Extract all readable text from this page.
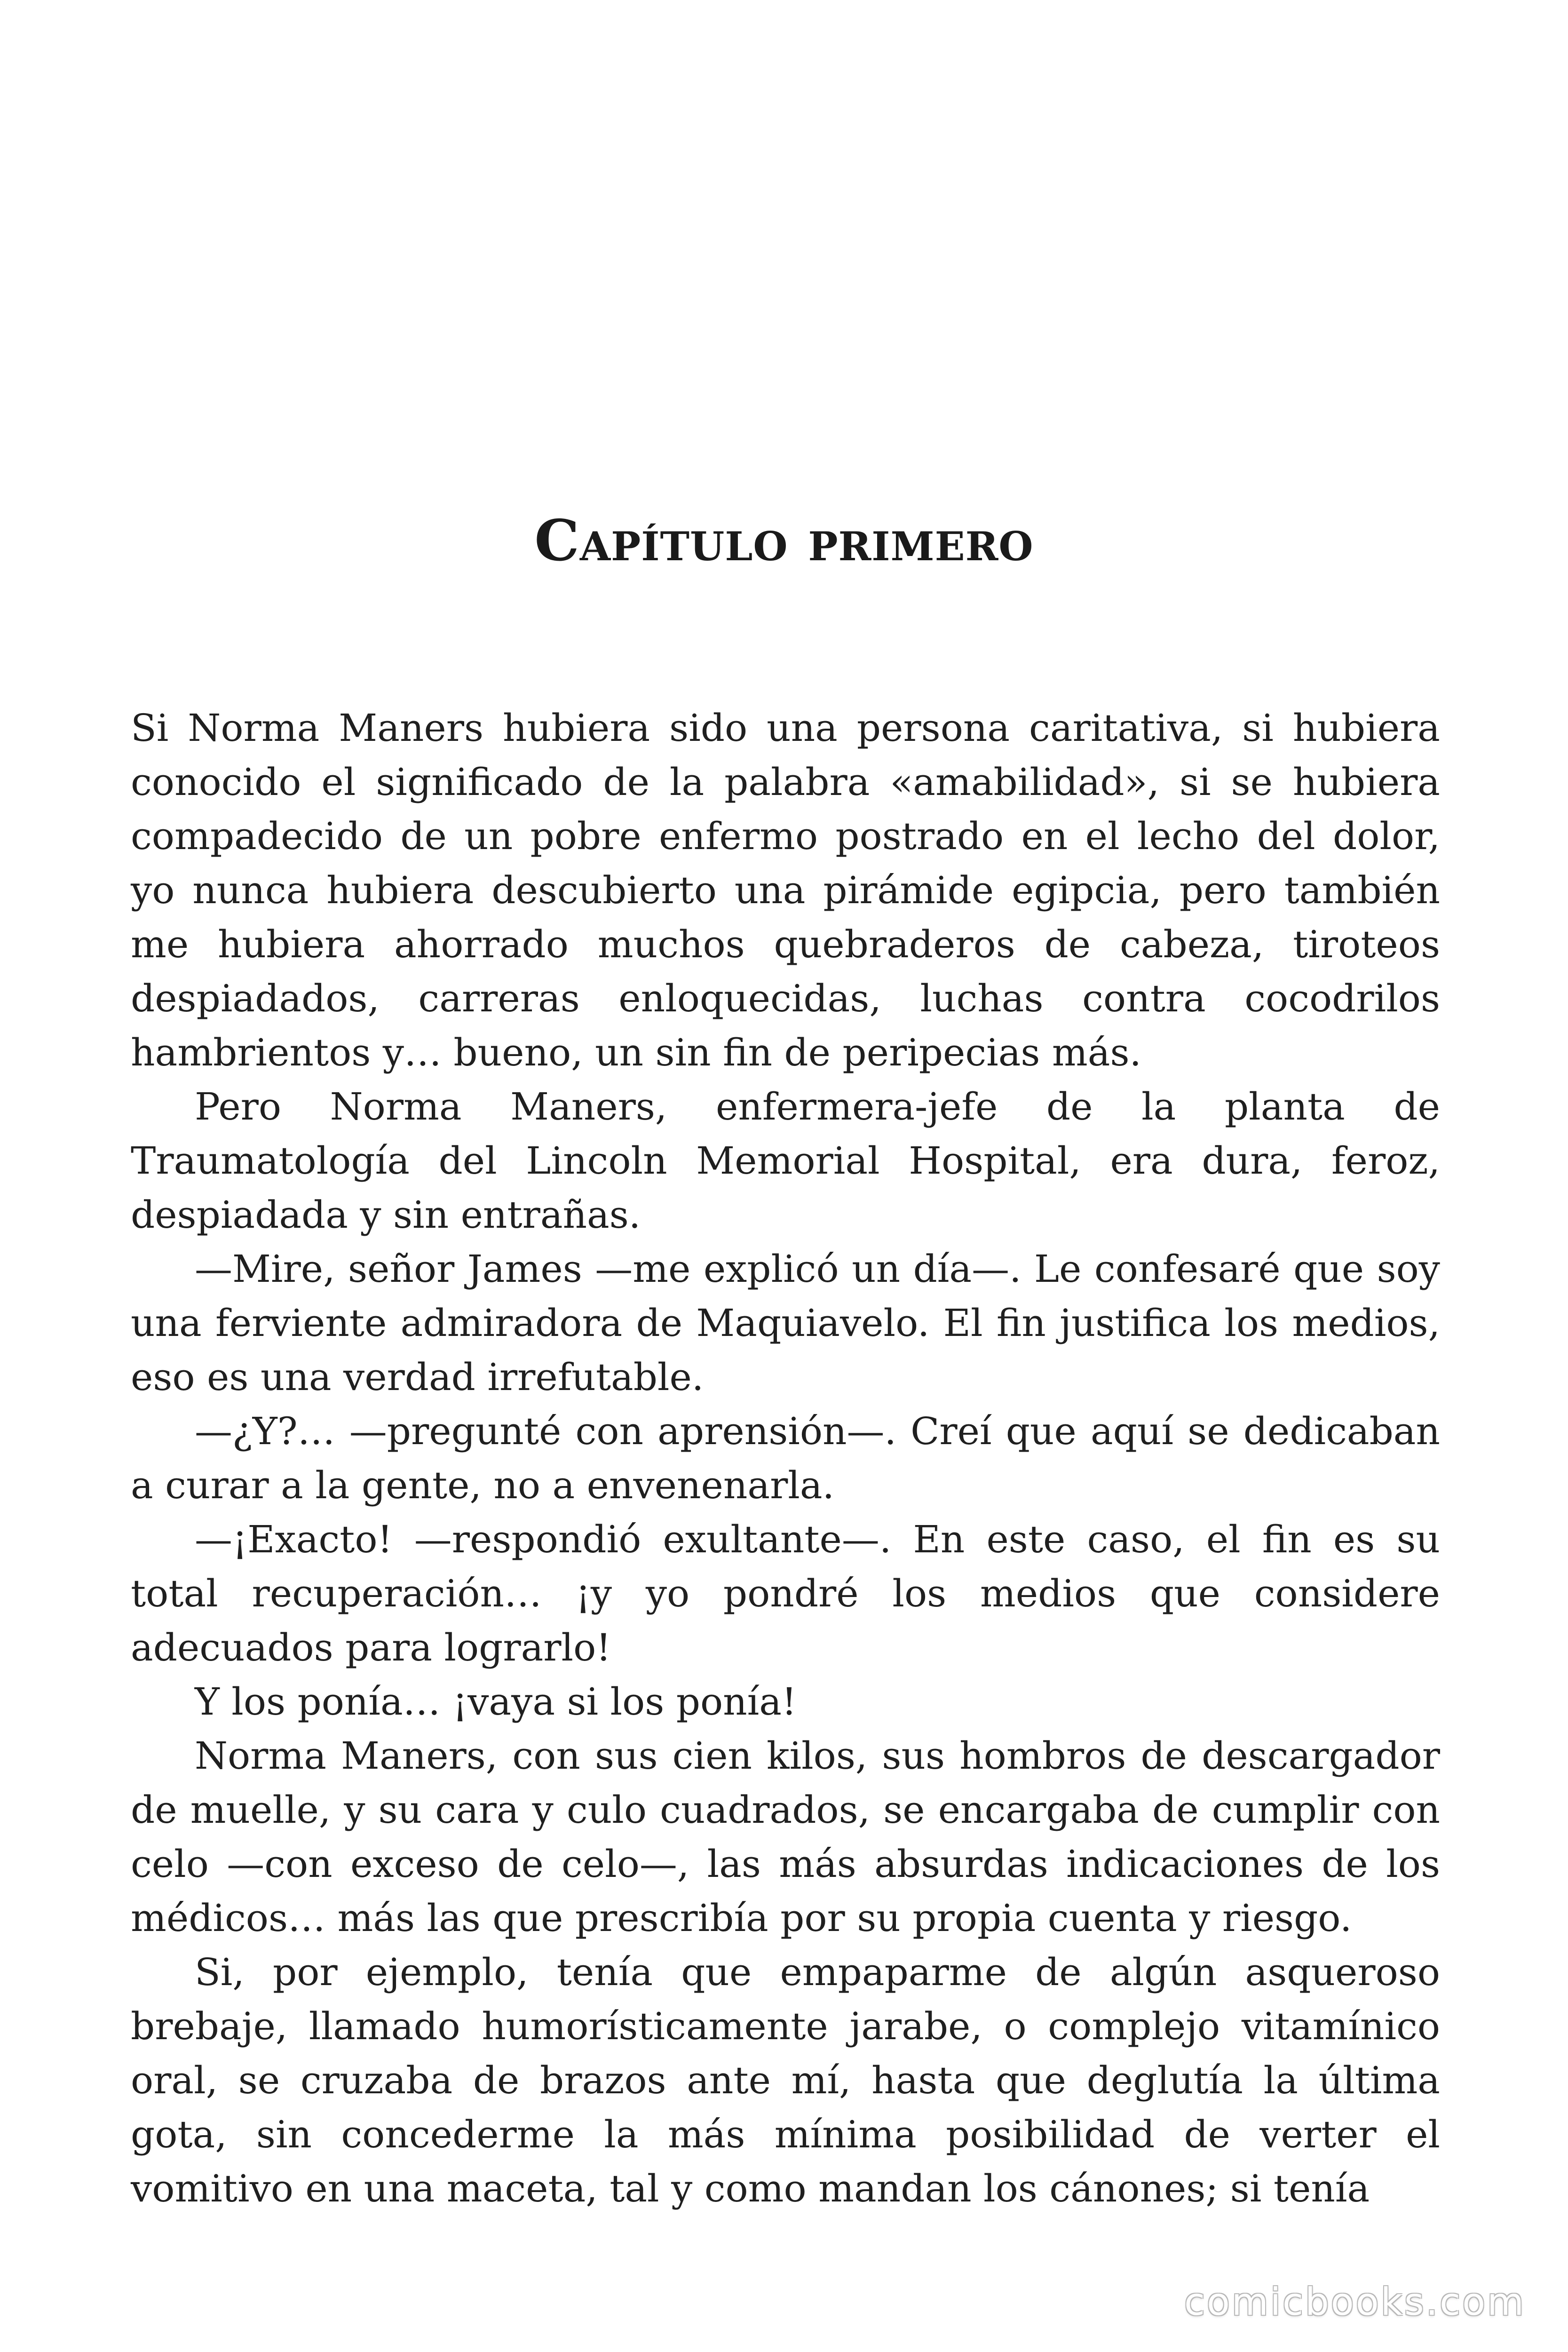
Capítulo primero

Si Norma Maners hubiera sido una persona caritativa, si hubiera conocido el significado de la palabra «amabilidad», si se hubiera compadecido de un pobre enfermo postrado en el lecho del dolor, yo nunca hubiera descubierto una pirámide egipcia, pero también me hubiera ahorrado muchos quebraderos de cabeza, tiroteos despiadados, carreras enloquecidas, luchas contra cocodrilos hambrientos y… bueno, un sin fin de peripecias más.

Pero Norma Maners, enfermera-jefe de la planta de Traumatología del Lincoln Memorial Hospital, era dura, feroz, despiadada y sin entrañas.

—Mire, señor James —me explicó un día—. Le confesaré que soy una ferviente admiradora de Maquiavelo. El fin justifica los medios, eso es una verdad irrefutable.

—¿Y?… —pregunté con aprensión—. Creí que aquí se dedicaban a curar a la gente, no a envenenarla.

—¡Exacto! —respondió exultante—. En este caso, el fin es su total recuperación… ¡y yo pondré los medios que considere adecuados para lograrlo!

Y los ponía… ¡vaya si los ponía!

Norma Maners, con sus cien kilos, sus hombros de descargador de muelle, y su cara y culo cuadrados, se encargaba de cumplir con celo —con exceso de celo—, las más absurdas indicaciones de los médicos… más las que prescribía por su propia cuenta y riesgo.

Si, por ejemplo, tenía que empaparme de algún asqueroso brebaje, llamado humorísticamente jarabe, o complejo vitamínico oral, se cruzaba de brazos ante mí, hasta que deglutía la última gota, sin concederme la más mínima posibilidad de verter el vomitivo en una maceta, tal y como mandan los cánones; si tenía

comicbooks.com
